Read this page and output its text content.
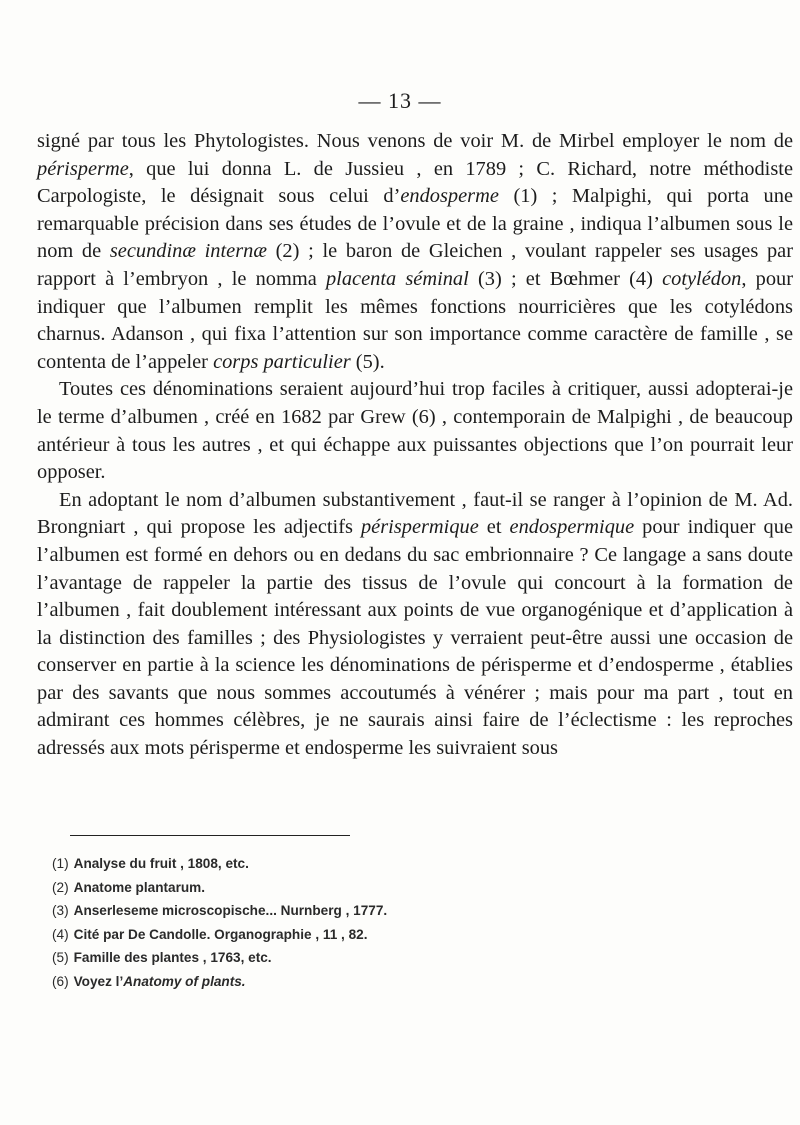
— 13 —

signé par tous les Phytologistes. Nous venons de voir M. de Mirbel employer le nom de périsperme, que lui donna L. de Jussieu , en 1789 ; C. Richard, notre méthodiste Carpologiste, le désignait sous celui d’endosperme (1) ; Malpighi, qui porta une remarquable précision dans ses études de l’ovule et de la graine , indiqua l’albumen sous le nom de secundinæ internæ (2) ; le baron de Gleichen , voulant rappeler ses usages par rapport à l’embryon , le nomma placenta séminal (3) ; et Bœhmer (4) cotylédon, pour indiquer que l’albumen remplit les mêmes fonctions nourricières que les cotylédons charnus. Adanson , qui fixa l’attention sur son importance comme caractère de famille , se contenta de l’appeler corps particulier (5).

Toutes ces dénominations seraient aujourd’hui trop faciles à critiquer, aussi adopterai-je le terme d’albumen , créé en 1682 par Grew (6) , contemporain de Malpighi , de beaucoup antérieur à tous les autres , et qui échappe aux puissantes objections que l’on pourrait leur opposer.

En adoptant le nom d’albumen substantivement , faut-il se ranger à l’opinion de M. Ad. Brongniart , qui propose les adjectifs périspermique et endospermique pour indiquer que l’albumen est formé en dehors ou en dedans du sac embrionnaire ? Ce langage a sans doute l’avantage de rappeler la partie des tissus de l’ovule qui concourt à la formation de l’albumen , fait doublement intéressant aux points de vue organogénique et d’application à la distinction des familles ; des Physiologistes y verraient peut-être aussi une occasion de conserver en partie à la science les dénominations de périsperme et d’endosperme , établies par des savants que nous sommes accoutumés à vénérer ; mais pour ma part , tout en admirant ces hommes célèbres, je ne saurais ainsi faire de l’éclectisme : les reproches adressés aux mots périsperme et endosperme les suivraient sous

(1) Analyse du fruit , 1808, etc.
(2) Anatome plantarum.
(3) Anserleseme microscopische... Nurnberg , 1777.
(4) Cité par De Candolle. Organographie , 11 , 82.
(5) Famille des plantes , 1763, etc.
(6) Voyez l’Anatomy of plants.
